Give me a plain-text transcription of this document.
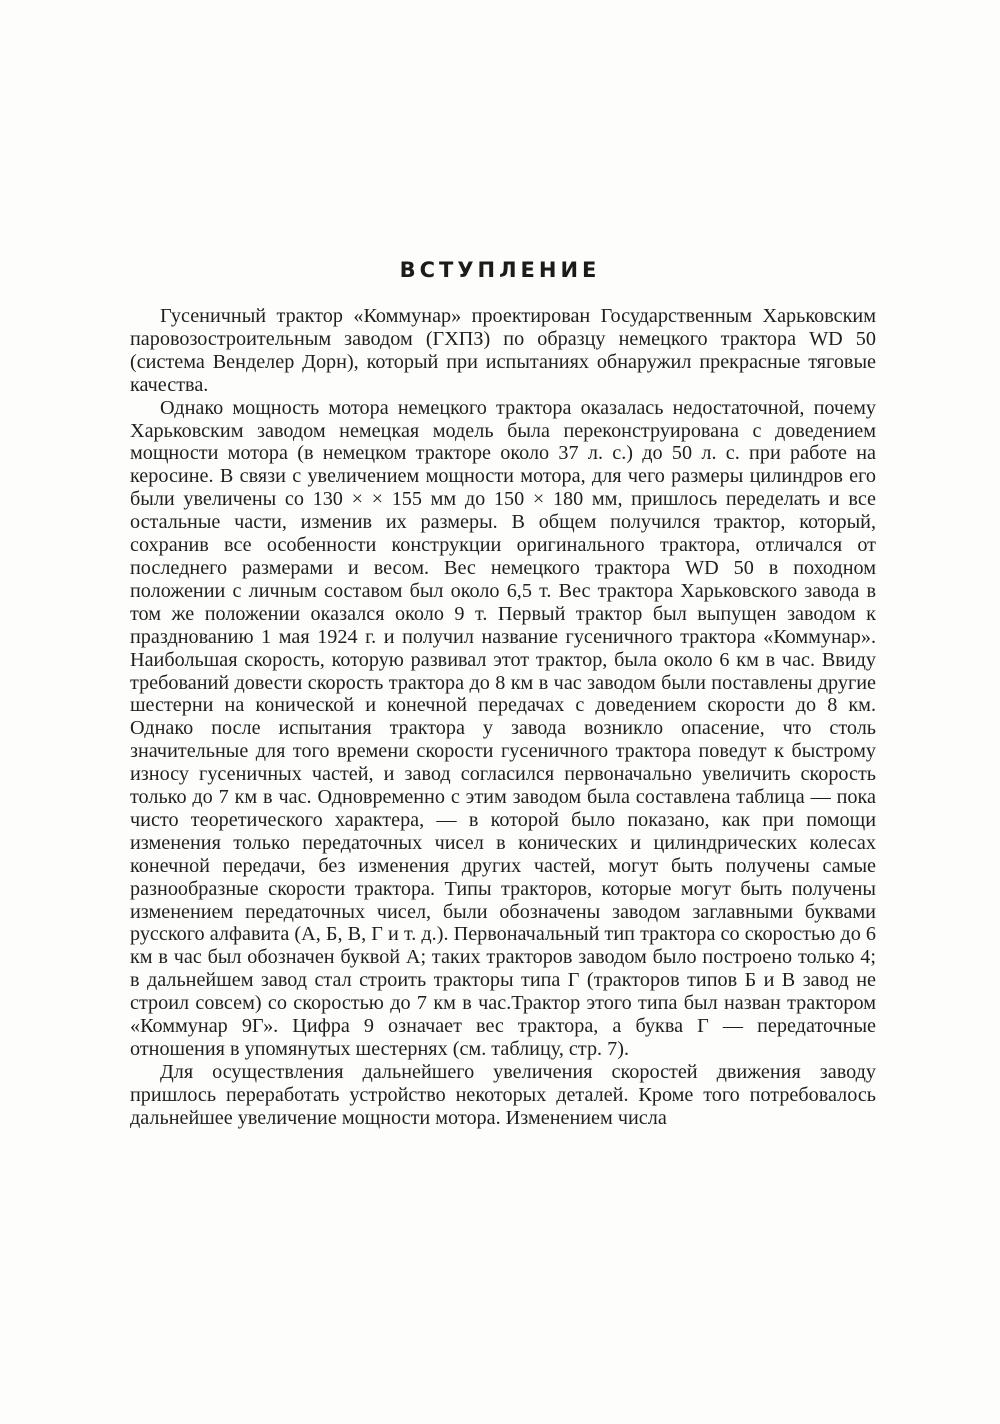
ВСТУПЛЕНИЕ

Гусеничный трактор «Коммунар» проектирован Государственным Харьковским паровозостроительным заводом (ГХПЗ) по образцу немецкого трактора WD 50 (система Венделер Дорн), который при испытаниях обнаружил прекрасные тяговые качества.

Однако мощность мотора немецкого трактора оказалась недостаточной, почему Харьковским заводом немецкая модель была переконструирована с доведением мощности мотора (в немецком тракторе около 37 л. с.) до 50 л. с. при работе на керосине. В связи с увеличением мощности мотора, для чего размеры цилиндров его были увеличены со 130 × × 155 мм до 150 × 180 мм, пришлось переделать и все остальные части, изменив их размеры. В общем получился трактор, который, сохранив все особенности конструкции оригинального трактора, отличался от последнего размерами и весом. Вес немецкого трактора WD 50 в походном положении с личным составом был около 6,5 т. Вес трактора Харьковского завода в том же положении оказался около 9 т. Первый трактор был выпущен заводом к празднованию 1 мая 1924 г. и получил название гусеничного трактора «Коммунар». Наибольшая скорость, которую развивал этот трактор, была около 6 км в час. Ввиду требований довести скорость трактора до 8 км в час заводом были поставлены другие шестерни на конической и конечной передачах с доведением скорости до 8 км. Однако после испытания трактора у завода возникло опасение, что столь значительные для того времени скорости гусеничного трактора поведут к быстрому износу гусеничных частей, и завод согласился первоначально увеличить скорость только до 7 км в час. Одновременно с этим заводом была составлена таблица — пока чисто теоретического характера, — в которой было показано, как при помощи изменения только передаточных чисел в конических и цилиндрических колесах конечной передачи, без изменения других частей, могут быть получены самые разнообразные скорости трактора. Типы тракторов, которые могут быть получены изменением передаточных чисел, были обозначены заводом заглавными буквами русского алфавита (А, Б, В, Г и т. д.). Первоначальный тип трактора со скоростью до 6 км в час был обозначен буквой А; таких тракторов заводом было построено только 4; в дальнейшем завод стал строить тракторы типа Г (тракторов типов Б и В завод не строил совсем) со скоростью до 7 км в час.Трактор этого типа был назван трактором «Коммунар 9Г». Цифра 9 означает вес трактора, а буква Г — передаточные отношения в упомянутых шестернях (см. таблицу, стр. 7).

Для осуществления дальнейшего увеличения скоростей движения заводу пришлось переработать устройство некоторых деталей. Кроме того потребовалось дальнейшее увеличение мощности мотора. Изменением числа
